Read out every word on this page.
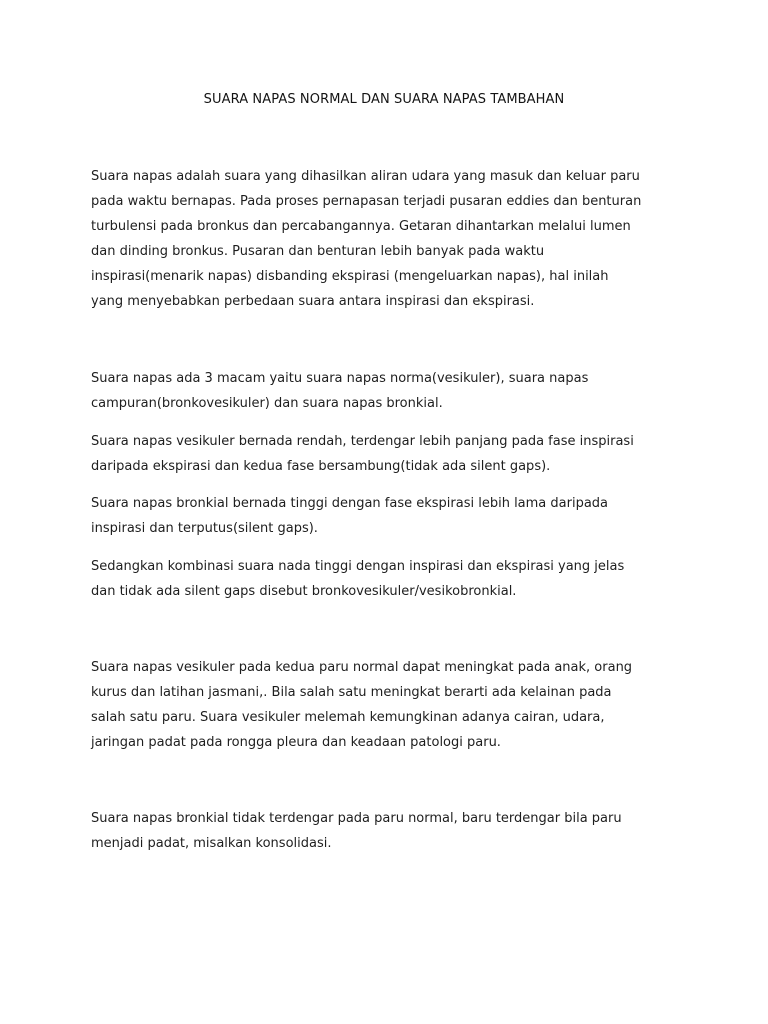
SUARA NAPAS NORMAL DAN SUARA NAPAS TAMBAHAN

Suara napas adalah suara yang dihasilkan aliran udara yang masuk dan keluar paru
pada waktu bernapas. Pada proses pernapasan terjadi pusaran eddies dan benturan
turbulensi pada bronkus dan percabangannya. Getaran dihantarkan melalui lumen
dan dinding bronkus. Pusaran dan benturan lebih banyak pada waktu
inspirasi(menarik napas) disbanding ekspirasi (mengeluarkan napas), hal inilah
yang menyebabkan perbedaan suara antara inspirasi dan ekspirasi.

Suara napas ada 3 macam yaitu suara napas norma(vesikuler), suara napas
campuran(bronkovesikuler) dan suara napas bronkial.

Suara napas vesikuler bernada rendah, terdengar lebih panjang pada fase inspirasi
daripada ekspirasi dan kedua fase bersambung(tidak ada silent gaps).

Suara napas bronkial bernada tinggi dengan fase ekspirasi lebih lama daripada
inspirasi dan terputus(silent gaps).

Sedangkan kombinasi suara nada tinggi dengan inspirasi dan ekspirasi yang jelas
dan tidak ada silent gaps disebut bronkovesikuler/vesikobronkial.

Suara napas vesikuler pada kedua paru normal dapat meningkat pada anak, orang
kurus dan latihan jasmani,. Bila salah satu meningkat berarti ada kelainan pada
salah satu paru. Suara vesikuler melemah kemungkinan adanya cairan, udara,
jaringan padat pada rongga pleura dan keadaan patologi paru.

Suara napas bronkial tidak terdengar pada paru normal, baru terdengar bila paru
menjadi padat, misalkan konsolidasi.
